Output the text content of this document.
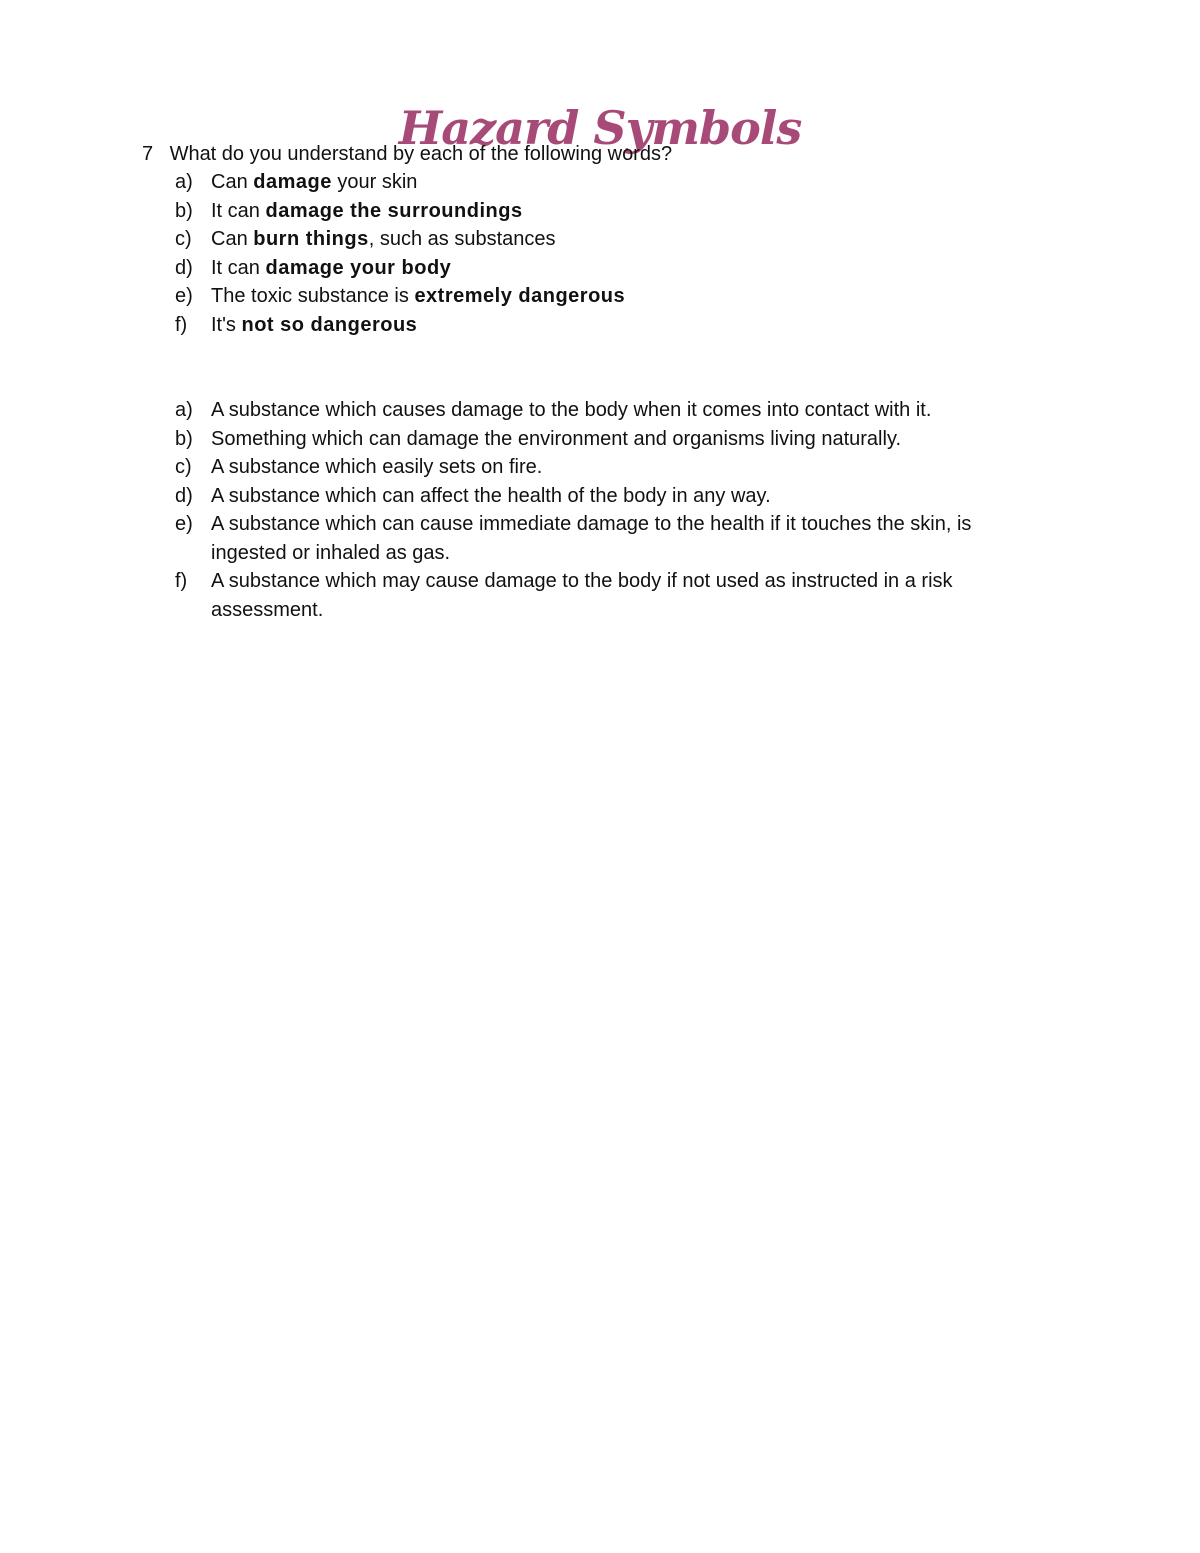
Hazard Symbols
7 What do you understand by each of the following words?
a) Can damage your skin
b) It can damage the surroundings
c) Can burn things, such as substances
d) It can damage your body
e) The toxic substance is extremely dangerous
f) It's not so dangerous
a) A substance which causes damage to the body when it comes into contact with it.
b) Something which can damage the environment and organisms living naturally.
c) A substance which easily sets on fire.
d) A substance which can affect the health of the body in any way.
e) A substance which can cause immediate damage to the health if it touches the skin, is ingested or inhaled as gas.
f) A substance which may cause damage to the body if not used as instructed in a risk assessment.
